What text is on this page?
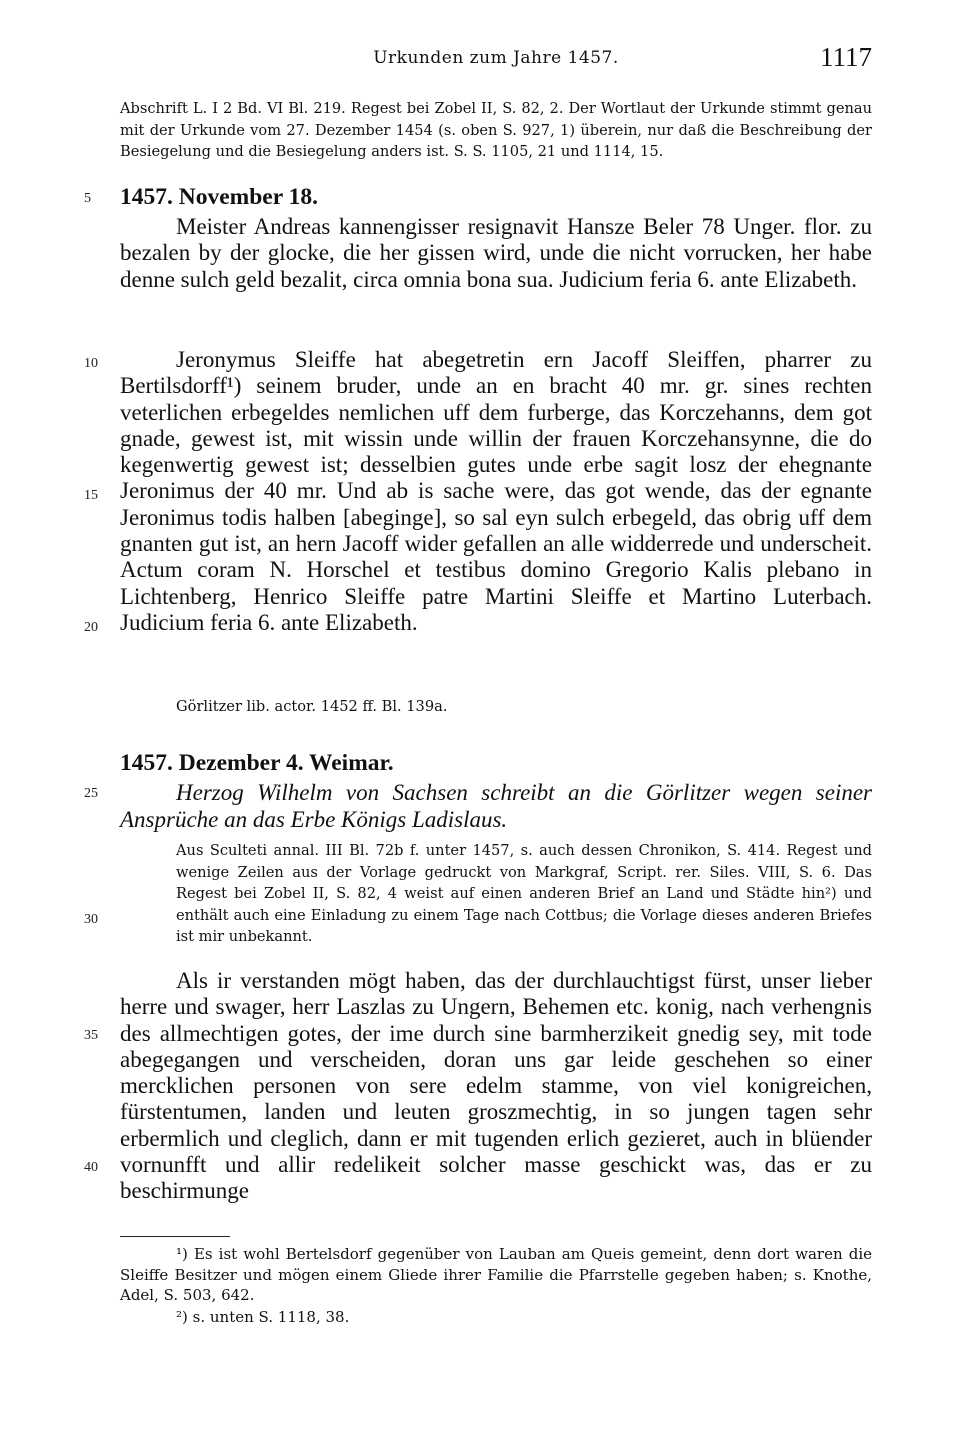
Urkunden zum Jahre 1457.	1117
Abschrift L. I 2 Bd. VI Bl. 219. Regest bei Zobel II, S. 82, 2. Der Wortlaut der Urkunde stimmt genau mit der Urkunde vom 27. Dezember 1454 (s. oben S. 927, 1) überein, nur daß die Beschreibung der Besiegelung und die Besiegelung anders ist. S. S. 1105, 21 und 1114, 15.
5	1457. November 18.
Meister Andreas kannengisser resignavit Hansze Beler 78 Unger. flor. zu bezalen by der glocke, die her gissen wird, unde die nicht vorrucken, her habe denne sulch geld bezalit, circa omnia bona sua. Judicium feria 6. ante Elizabeth.
10
15
20
Jeronymus Sleiffe hat abegetretin ern Jacoff Sleiffen, pharrer zu Bertilsdorff¹) seinem bruder, unde an en bracht 40 mr. gr. sines rechten veterlichen erbegeldes nemlichen uff dem furberge, das Korczehanns, dem got gnade, gewest ist, mit wissin unde willin der frauen Korczehansynne, die do kegenwertig gewest ist; desselbien gutes unde erbe sagit losz der ehegnante Jeronimus der 40 mr. Und ab is sache were, das got wende, das der egnante Jeronimus todis halben [abeginge], so sal eyn sulch erbegeld, das obrig uff dem gnanten gut ist, an hern Jacoff wider gefallen an alle widderrede und underscheit. Actum coram N. Horschel et testibus domino Gregorio Kalis plebano in Lichtenberg, Henrico Sleiffe patre Martini Sleiffe et Martino Luterbach. Judicium feria 6. ante Elizabeth.
Görlitzer lib. actor. 1452 ff. Bl. 139a.
1457. Dezember 4. Weimar.
25	Herzog Wilhelm von Sachsen schreibt an die Görlitzer wegen seiner Ansprüche an das Erbe Königs Ladislaus.
Aus Sculteti annal. III Bl. 72b f. unter 1457, s. auch dessen Chronikon, S. 414. Regest und wenige Zeilen aus der Vorlage gedruckt von Markgraf, Script. rer. Siles. VIII, S. 6. Das Regest bei Zobel II, S. 82, 4 weist auf einen anderen Brief an Land und Städte hin²) und enthält auch eine Einladung zu einem Tage nach Cottbus; die Vorlage dieses anderen Briefes ist mir unbekannt.
30
Als ir verstanden mögt haben, das der durchlauchtigst fürst, unser lieber herre und swager, herr Laszlas zu Ungern, Behemen etc. konig, nach verhengnis des allmechtigen gotes, der ime durch sine barmherzikeit gnedig sey, mit tode abegegangen und verscheiden, doran uns gar leide geschehen so einer mercklichen personen von sere edelm stamme, von viel konigreichen, fürstentumen, landen und leuten groszmechtig, in so jungen tagen sehr erbermlich und cleglich, dann er mit tugenden erlich gezieret, auch in blüender vornunfft und allir redelikeit solcher masse geschickt was, das er zu beschirmunge
35
40
¹) Es ist wohl Bertelsdorf gegenüber von Lauban am Queis gemeint, denn dort waren die Sleiffe Besitzer und mögen einem Gliede ihrer Familie die Pfarrstelle gegeben haben; s. Knothe, Adel, S. 503, 642.
²) s. unten S. 1118, 38.
